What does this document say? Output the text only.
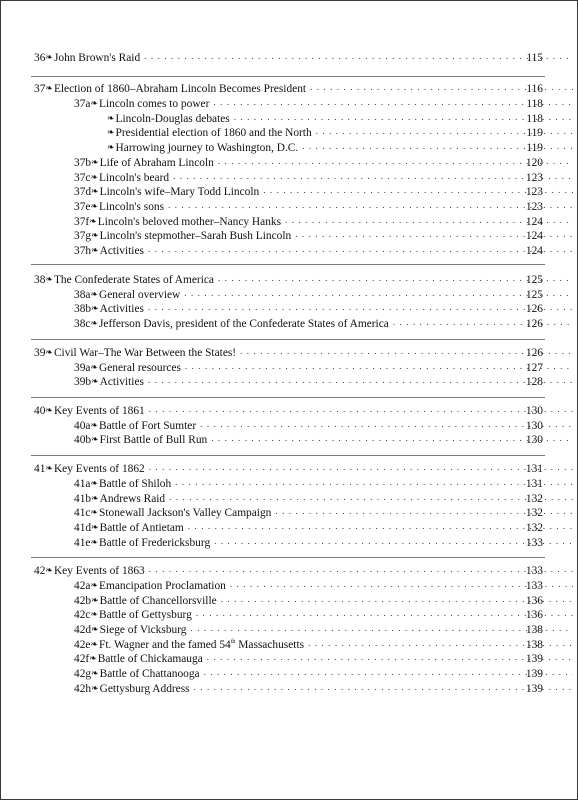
36 ❧ John Brown's Raid . . .	115
37 ❧ Election of 1860–Abraham Lincoln Becomes President . . .	116
37a ❧ Lincoln comes to power . . .	118
❧ Lincoln-Douglas debates . . .	118
❧ Presidential election of 1860 and the North . . .	119
❧ Harrowing journey to Washington, D.C. . . .	119
37b ❧ Life of Abraham Lincoln . . .	120
37c ❧ Lincoln's beard . . .	123
37d ❧ Lincoln's wife–Mary Todd Lincoln . . .	123
37e ❧ Lincoln's sons . . .	123
37f ❧ Lincoln's beloved mother–Nancy Hanks . . .	124
37g ❧ Lincoln's stepmother–Sarah Bush Lincoln . . .	124
37h ❧ Activities . . .	124
38 ❧ The Confederate States of America . . .	125
38a ❧ General overview . . .	125
38b ❧ Activities . . .	126
38c ❧ Jefferson Davis, president of the Confederate States of America . . .	126
39 ❧ Civil War–The War Between the States! . . .	126
39a ❧ General resources . . .	127
39b ❧ Activities . . .	128
40 ❧ Key Events of 1861 . . .	130
40a ❧ Battle of Fort Sumter . . .	130
40b ❧ First Battle of Bull Run . . .	130
41 ❧ Key Events of 1862 . . .	131
41a ❧ Battle of Shiloh . . .	131
41b ❧ Andrews Raid . . .	132
41c ❧ Stonewall Jackson's Valley Campaign . . .	132
41d ❧ Battle of Antietam . . .	132
41e ❧ Battle of Fredericksburg . . .	133
42 ❧ Key Events of 1863 . . .	133
42a ❧ Emancipation Proclamation . . .	133
42b ❧ Battle of Chancellorsville . . .	136
42c ❧ Battle of Gettysburg . . .	136
42d ❧ Siege of Vicksburg . . .	138
42e ❧ Ft. Wagner and the famed 54th Massachusetts . . .	138
42f ❧ Battle of Chickamauga . . .	139
42g ❧ Battle of Chattanooga . . .	139
42h ❧ Gettysburg Address . . .	139
